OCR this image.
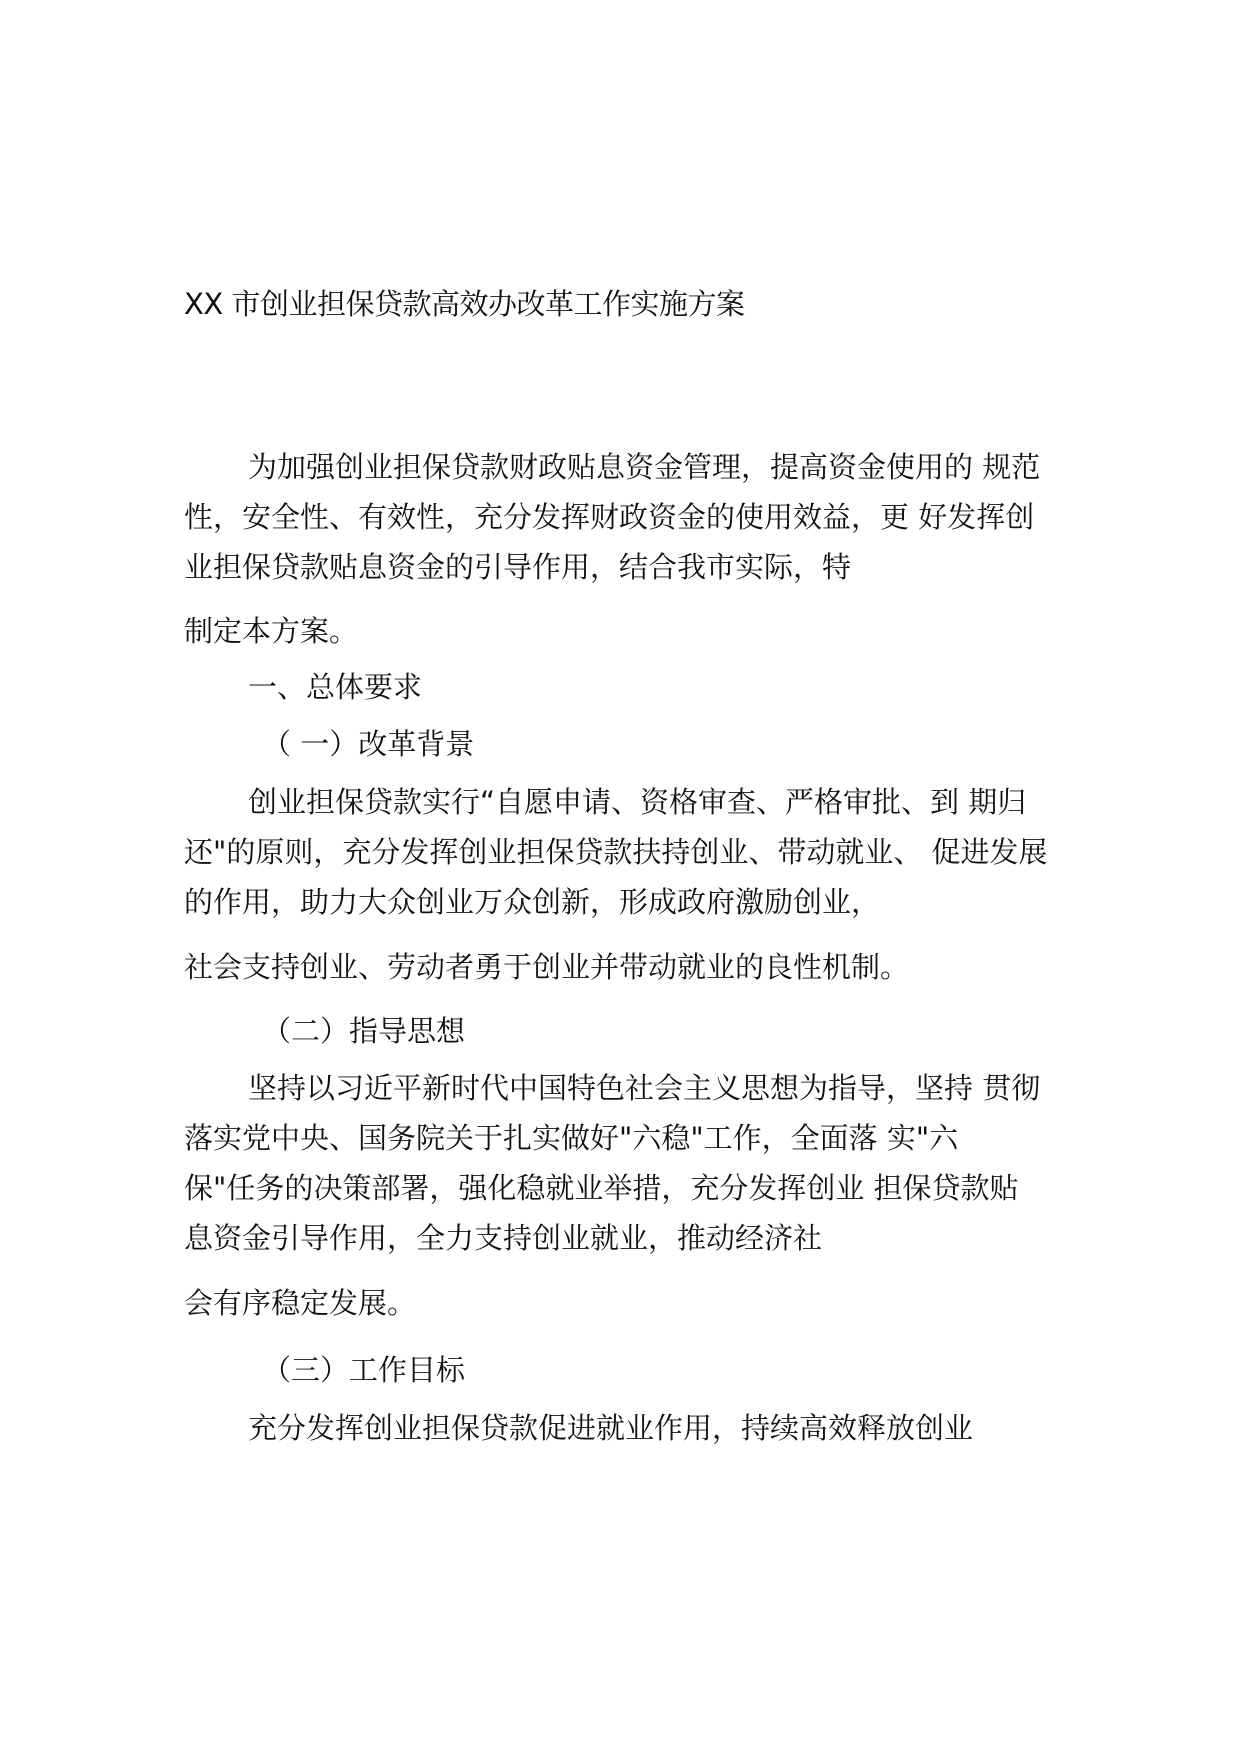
XX 市创业担保贷款高效办改革工作实施方案
为加强创业担保贷款财政贴息资金管理，提高资金使用的 规范
性，安全性、有效性，充分发挥财政资金的使用效益，更 好发挥创
业担保贷款贴息资金的引导作用，结合我市实际，特
制定本方案。
一、总体要求
（ 一）改革背景
创业担保贷款实行“自愿申请、资格审查、严格审批、到 期归
还"的原则，充分发挥创业担保贷款扶持创业、带动就业、 促进发展
的作用，助力大众创业万众创新，形成政府激励创业，
社会支持创业、劳动者勇于创业并带动就业的良性机制。
（二）指导思想
坚持以习近平新时代中国特色社会主义思想为指导，坚持 贯彻
落实党中央、国务院关于扎实做好"六稳"工作，全面落 实"六
保"任务的决策部署，强化稳就业举措，充分发挥创业 担保贷款贴
息资金引导作用，全力支持创业就业，推动经济社
会有序稳定发展。
（三）工作目标
充分发挥创业担保贷款促进就业作用，持续高效释放创业
